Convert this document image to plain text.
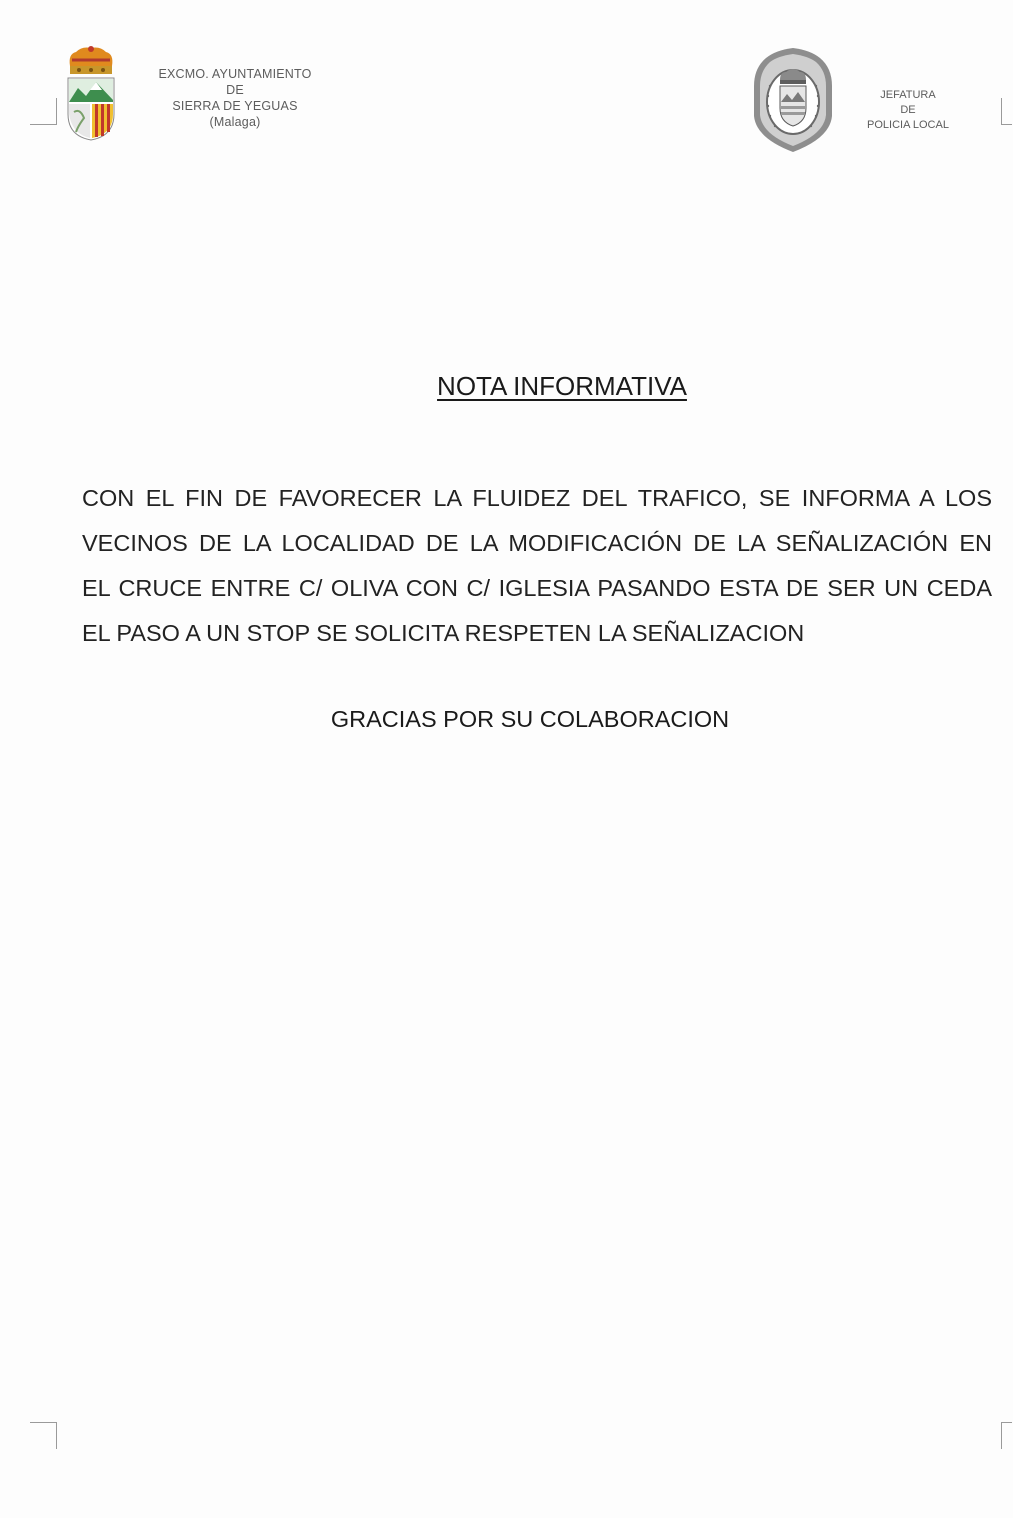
EXCMO. AYUNTAMIENTO
DE
SIERRA DE YEGUAS
(Malaga)
JEFATURA
DE
POLICIA LOCAL
NOTA INFORMATIVA
CON EL FIN DE FAVORECER LA FLUIDEZ DEL TRAFICO, SE INFORMA A LOS
VECINOS DE LA LOCALIDAD DE LA MODIFICACIÓN DE LA SEÑALIZACIÓN EN
EL CRUCE ENTRE C/ OLIVA CON C/ IGLESIA PASANDO ESTA DE SER UN CEDA
EL PASO A UN STOP SE SOLICITA RESPETEN LA SEÑALIZACION
GRACIAS POR SU COLABORACION
